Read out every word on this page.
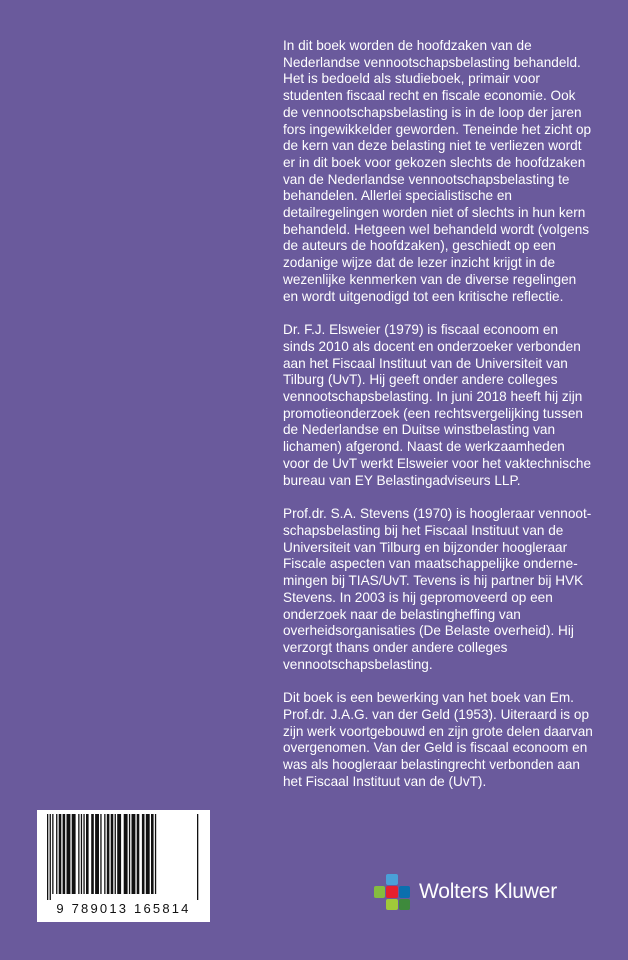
In dit boek worden de hoofdzaken van de Nederlandse vennootschapsbelasting behandeld. Het is bedoeld als studieboek, primair voor studenten fiscaal recht en fiscale economie. Ook de vennootschapsbelasting is in de loop der jaren fors ingewikkelder geworden. Teneinde het zicht op de kern van deze belasting niet te verliezen wordt er in dit boek voor gekozen slechts de hoofdzaken van de Nederlandse vennootschapsbelasting te behandelen. Allerlei specialistische en detailregelingen worden niet of slechts in hun kern behandeld. Hetgeen wel behandeld wordt (volgens de auteurs de hoofdzaken), geschiedt op een zodanige wijze dat de lezer inzicht krijgt in de wezenlijke kenmerken van de diverse regelingen en wordt uitgenodigd tot een kritische reflectie.

Dr. F.J. Elsweier (1979) is fiscaal econoom en sinds 2010 als docent en onderzoeker verbonden aan het Fiscaal Instituut van de Universiteit van Tilburg (UvT). Hij geeft onder andere colleges vennootschapsbelasting. In juni 2018 heeft hij zijn promotieonderzoek (een rechtsvergelijking tussen de Nederlandse en Duitse winstbelasting van lichamen) afgerond. Naast de werkzaamheden voor de UvT werkt Elsweier voor het vaktechnische bureau van EY Belastingadviseurs LLP.

Prof.dr. S.A. Stevens (1970) is hoogleraar vennootschapsbelasting bij het Fiscaal Instituut van de Universiteit van Tilburg en bijzonder hoogleraar Fiscale aspecten van maatschappelijke ondernemingen bij TIAS/UvT. Tevens is hij partner bij HVK Stevens. In 2003 is hij gepromoveerd op een onderzoek naar de belastingheffing van overheidsorganisaties (De Belaste overheid). Hij verzorgt thans onder andere colleges vennootschapsbelasting.

Dit boek is een bewerking van het boek van Em. Prof.dr. J.A.G. van der Geld (1953). Uiteraard is op zijn werk voortgebouwd en zijn grote delen daarvan overgenomen. Van der Geld is fiscaal econoom en was als hoogleraar belastingrecht verbonden aan het Fiscaal Instituut van de (UvT).

9 789013 165814
Wolters Kluwer
